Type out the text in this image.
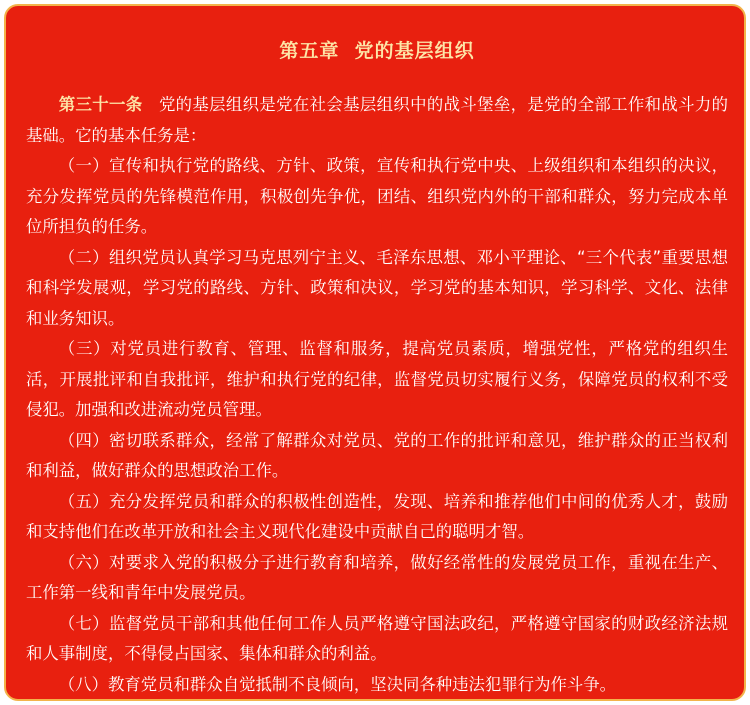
第五章  党的基层组织

第三十一条 党的基层组织是党在社会基层组织中的战斗堡垒，是党的全部工作和战斗力的基础。它的基本任务是：

（一）宣传和执行党的路线、方针、政策，宣传和执行党中央、上级组织和本组织的决议，充分发挥党员的先锋模范作用，积极创先争优，团结、组织党内外的干部和群众，努力完成本单位所担负的任务。

（二）组织党员认真学习马克思列宁主义、毛泽东思想、邓小平理论、“三个代表”重要思想和科学发展观，学习党的路线、方针、政策和决议，学习党的基本知识，学习科学、文化、法律和业务知识。

（三）对党员进行教育、管理、监督和服务，提高党员素质，增强党性，严格党的组织生活，开展批评和自我批评，维护和执行党的纪律，监督党员切实履行义务，保障党员的权利不受侵犯。加强和改进流动党员管理。

（四）密切联系群众，经常了解群众对党员、党的工作的批评和意见，维护群众的正当权利和利益，做好群众的思想政治工作。

（五）充分发挥党员和群众的积极性创造性，发现、培养和推荐他们中间的优秀人才，鼓励和支持他们在改革开放和社会主义现代化建设中贡献自己的聪明才智。

（六）对要求入党的积极分子进行教育和培养，做好经常性的发展党员工作，重视在生产、工作第一线和青年中发展党员。

（七）监督党员干部和其他任何工作人员严格遵守国法政纪，严格遵守国家的财政经济法规和人事制度，不得侵占国家、集体和群众的利益。

（八）教育党员和群众自觉抵制不良倾向，坚决同各种违法犯罪行为作斗争。
